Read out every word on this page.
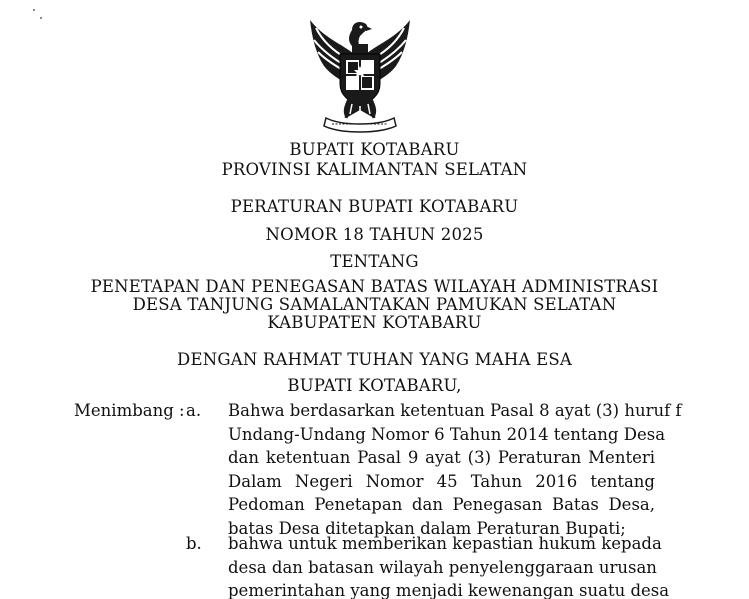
BUPATI KOTABARU
PROVINSI KALIMANTAN SELATAN
PERATURAN BUPATI KOTABARU
NOMOR 18 TAHUN 2025
TENTANG
PENETAPAN DAN PENEGASAN BATAS WILAYAH ADMINISTRASI
DESA TANJUNG SAMALANTAKAN PAMUKAN SELATAN
KABUPATEN KOTABARU
DENGAN RAHMAT TUHAN YANG MAHA ESA
BUPATI KOTABARU,
Menimbang : a. Bahwa berdasarkan ketentuan Pasal 8 ayat (3) huruf f
Undang-Undang Nomor 6 Tahun 2014 tentang Desa
dan ketentuan Pasal 9 ayat (3) Peraturan Menteri
Dalam Negeri Nomor 45 Tahun 2016 tentang
Pedoman Penetapan dan Penegasan Batas Desa,
batas Desa ditetapkan dalam Peraturan Bupati;
b. bahwa untuk memberikan kepastian hukum kepada
desa dan batasan wilayah penyelenggaraan urusan
pemerintahan yang menjadi kewenangan suatu desa
